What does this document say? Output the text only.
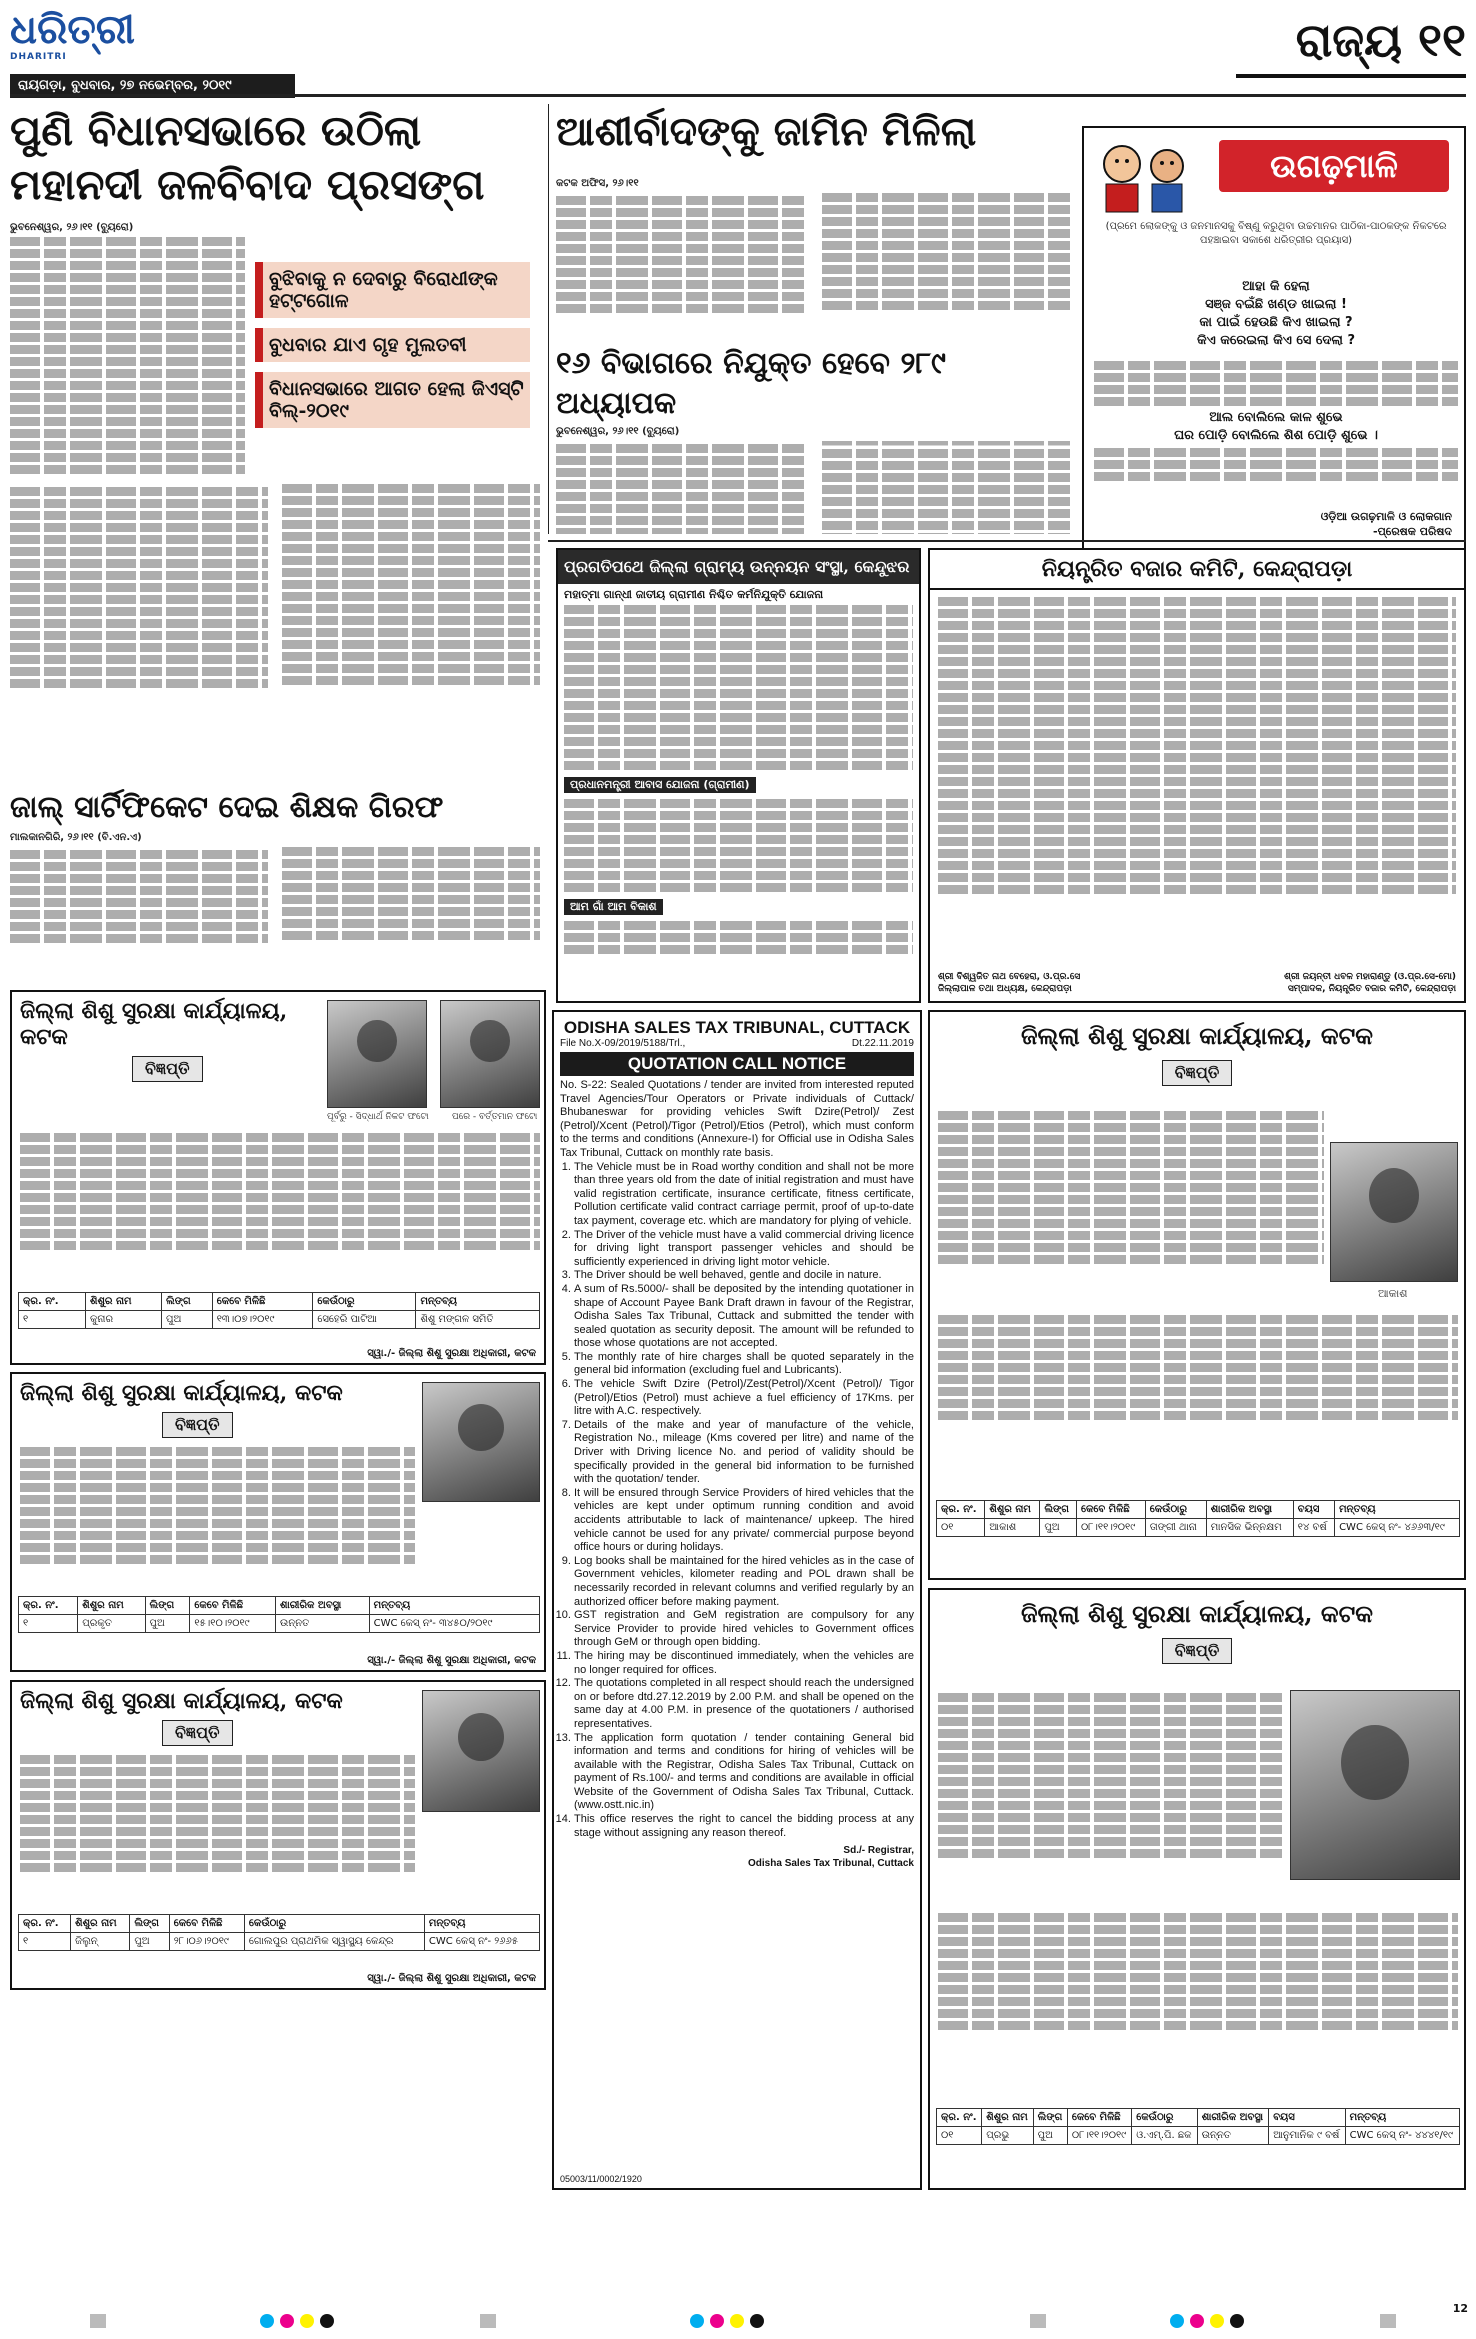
ଧରିତ୍ରୀ
DHARITRI
ରାୟଗଡ଼ା, ବୁଧବାର, ୨୭ ନଭେମ୍ବର, ୨୦୧୯
ରାଜ୍ୟ ୧୧
ପୁଣି ବିଧାନସଭାରେ ଉଠିଲା ମହାନଦୀ ଜଳବିବାଦ ପ୍ରସଙ୍ଗ
ଭୁବନେଶ୍ୱର, ୨୬।୧୧ (ବ୍ୟୁରୋ)
ବୁଝିବାକୁ ନ ଦେବାରୁ ବିରୋଧୀଙ୍କ ହଟ୍ଟଗୋଳ
ବୁଧବାର ଯାଏ ଗୃହ ମୁଲତବୀ
ବିଧାନସଭାରେ ଆଗତ ହେଲା ଜିଏସ୍‌ଟି ବିଲ୍‌-୨୦୧୯
ଆଶୀର୍ବାଦଙ୍କୁ ଜାମିନ ମିଳିଲା
କଟକ ଅଫିସ, ୨୬।୧୧
୧୬ ବିଭାଗରେ ନିଯୁକ୍ତ ହେବେ ୨୮୯ ଅଧ୍ୟାପକ
ଭୁବନେଶ୍ୱର, ୨୬।୧୧ (ବ୍ୟୁରୋ)
ଉଗଢ଼ମାଳି
(ପ୍ରମେ ଲୋକଙ୍କୁ ଓ ଜନମାନସକୁ ବିଷ୍ଣୁ କରୁଥିବା ଉଚ୍ଚମାନର ପାଠିକା-ପାଠକଙ୍କ ନିକଟରେ ପହଞ୍ଚାଇବା ସକାଶେ ଧରିତ୍ରୀର ପ୍ରୟାସ)
ଆହା କି ହେଲା
ସଞ୍ଜ ବଇଁଛି ଖଣ୍ଡ ଖାଇଲା !
କା ପାଇଁ ହେଉଛି କିଏ ଖାଇଲା ?
କିଏ କରେଇଲା କିଏ ସେ ଦେଲା ?
ଆଲ ବୋଲିଲେ କାଳ ଶୁଭେ
ଘର ପୋଡ଼ି ବୋଲିଲେ ଶିଶ ପୋଡ଼ି ଶୁଭେ ।
ଓଡ଼ିଆ ଉଗଢ଼ମାଳି ଓ ଲୋକଗାନ
-ପ୍ରେଷକ ପରିଷଦ
ଜାଲ୍‌ ସାର୍ଟିଫିକେଟ ଦେଇ ଶିକ୍ଷକ ଗିରଫ
ମାଲକାନଗିରି, ୨୬।୧୧ (ବି.ଏନ.ଏ)
ପ୍ରଗତିପଥେ ଜିଲ୍ଲା ଗ୍ରାମ୍ୟ ଉନ୍ନୟନ ସଂସ୍ଥା, କେନ୍ଦୁଝର
ମହାତ୍ମା ଗାନ୍ଧୀ ଜାତୀୟ ଗ୍ରାମୀଣ ନିଶ୍ଚିତ କର୍ମନିଯୁକ୍ତି ଯୋଜନା
ପ୍ରଧାନମନ୍ତ୍ରୀ ଆବାସ ଯୋଜନା (ଗ୍ରାମୀଣ)
ଆମ ଗାଁ ଆମ ବିକାଶ
ନିୟନ୍ତ୍ରିତ ବଜାର କମିଟି, କେନ୍ଦ୍ରାପଡ଼ା
ଶ୍ରୀ ବିଶ୍ୱଜିତ ନାଥ ବେହେରା, ଓ.ପ୍ର.ସେ
ଜିଲ୍ଲାପାଳ ତଥା ଅଧ୍ୟକ୍ଷ, କେନ୍ଦ୍ରାପଡ଼ା
ଶ୍ରୀ ଜୟନ୍ତୀ ଧବଳ ମହାରାଣ୍ଡୁ (ଓ.ପ୍ର.ସେ-ମୋ)
ସମ୍ପାଦକ, ନିୟନ୍ତ୍ରିତ ବଜାର କମିଟି, କେନ୍ଦ୍ରାପଡ଼ା
ଜିଲ୍ଲା ଶିଶୁ ସୁରକ୍ଷା କାର୍ଯ୍ୟାଳୟ, କଟକ
ବିଜ୍ଞପ୍ତି
ପୂର୍ବରୁ - ସିଦ୍ଧାର୍ଥ ନିକଟ ଫଟୋ	ପରେ - ବର୍ତ୍ତମାନ ଫଟୋ
କ୍ର. ନଂ.	ଶିଶୁର ନାମ	ଲିଙ୍ଗ	କେବେ ମିଳିଛି	କେଉଁଠାରୁ	ମନ୍ତବ୍ୟ
୧	କୁନାର	ପୁଅ	୧୩।୦୭।୨୦୧୯	ସେହେରି ପାଟିଆ	ଶିଶୁ ମଙ୍ଗଳ ସମିତି
ସ୍ୱା./- ଜିଲ୍ଲା ଶିଶୁ ସୁରକ୍ଷା ଅଧିକାରୀ, କଟକ
ଜିଲ୍ଲା ଶିଶୁ ସୁରକ୍ଷା କାର୍ଯ୍ୟାଳୟ, କଟକ
ବିଜ୍ଞପ୍ତି
କ୍ର. ନଂ.	ଶିଶୁର ନାମ	ଲିଙ୍ଗ	କେବେ ମିଳିଛି	ଶାରୀରିକ ଅବସ୍ଥା	ମନ୍ତବ୍ୟ
୧	ପ୍ରକୃତ	ପୁଅ	୧୫।୧୦।୨୦୧୯	ଉନ୍ନତ	CWC କେସ୍ ନଂ- ୩୪୫୦/୨୦୧୯
ସ୍ୱା./- ଜିଲ୍ଲା ଶିଶୁ ସୁରକ୍ଷା ଅଧିକାରୀ, କଟକ
ଜିଲ୍ଲା ଶିଶୁ ସୁରକ୍ଷା କାର୍ଯ୍ୟାଳୟ, କଟକ
ବିଜ୍ଞପ୍ତି
କ୍ର. ନଂ.	ଶିଶୁର ନାମ	ଲିଙ୍ଗ	କେବେ ମିଳିଛି	କେଉଁଠାରୁ	ମନ୍ତବ୍ୟ
୧	ଜିଲୁନ୍	ପୁଅ	୨୮।୦୬।୨୦୧୯	ଗୋଲପୁର ପ୍ରାଥମିକ ସ୍ୱାସ୍ଥ୍ୟ କେନ୍ଦ୍ର	CWC କେସ୍ ନଂ- ୨୬୬୫
ସ୍ୱା./- ଜିଲ୍ଲା ଶିଶୁ ସୁରକ୍ଷା ଅଧିକାରୀ, କଟକ
ODISHA SALES TAX TRIBUNAL, CUTTACK
File No.X-09/2019/5188/Trl.,	Dt.22.11.2019
QUOTATION CALL NOTICE

No. S-22: Sealed Quotations / tender are invited from interested reputed Travel Agencies/Tour Operators or Private individuals of Cuttack/ Bhubaneswar for providing vehicles Swift Dzire(Petrol)/ Zest (Petrol)/Xcent (Petrol)/Tigor (Petrol)/Etios (Petrol), which must conform to the terms and conditions (Annexure-I) for Official use in Odisha Sales Tax Tribunal, Cuttack on monthly rate basis.

1. The Vehicle must be in Road worthy condition and shall not be more than three years old from the date of initial registration and must have valid registration certificate, insurance certificate, fitness certificate, Pollution certificate valid contract carriage permit, proof of up-to-date tax payment, coverage etc. which are mandatory for plying of vehicle.
2. The Driver of the vehicle must have a valid commercial driving licence for driving light transport passenger vehicles and should be sufficiently experienced in driving light motor vehicle.
3. The Driver should be well behaved, gentle and docile in nature.
4. A sum of Rs.5000/- shall be deposited by the intending quotationer in shape of Account Payee Bank Draft drawn in favour of the Registrar, Odisha Sales Tax Tribunal, Cuttack and submitted the tender with sealed quotation as security deposit. The amount will be refunded to those whose quotations are not accepted.
5. The monthly rate of hire charges shall be quoted separately in the general bid information (excluding fuel and Lubricants).
6. The vehicle Swift Dzire (Petrol)/Zest(Petrol)/Xcent (Petrol)/ Tigor (Petrol)/Etios (Petrol) must achieve a fuel efficiency of 17Kms. per litre with A.C. respectively.
7. Details of the make and year of manufacture of the vehicle, Registration No., mileage (Kms covered per litre) and name of the Driver with Driving licence No. and period of validity should be specifically provided in the general bid information to be furnished with the quotation/ tender.
8. It will be ensured through Service Providers of hired vehicles that the vehicles are kept under optimum running condition and avoid accidents attributable to lack of maintenance/ upkeep. The hired vehicle cannot be used for any private/ commercial purpose beyond office hours or during holidays.
9. Log books shall be maintained for the hired vehicles as in the case of Government vehicles, kilometer reading and POL drawn shall be necessarily recorded in relevant columns and verified regularly by an authorized officer before making payment.
10. GST registration and GeM registration are compulsory for any Service Provider to provide hired vehicles to Government offices through GeM or through open bidding.
11. The hiring may be discontinued immediately, when the vehicles are no longer required for offices.
12. The quotations completed in all respect should reach the undersigned on or before dtd.27.12.2019 by 2.00 P.M. and shall be opened on the same day at 4.00 P.M. in presence of the quotationers / authorised representatives.
13. The application form quotation / tender containing General bid information and terms and conditions for hiring of vehicles will be available with the Registrar, Odisha Sales Tax Tribunal, Cuttack on payment of Rs.100/- and terms and conditions are available in official Website of the Government of Odisha Sales Tax Tribunal, Cuttack. (www.ostt.nic.in)
14. This office reserves the right to cancel the bidding process at any stage without assigning any reason thereof.
Sd./- Registrar,
Odisha Sales Tax Tribunal, Cuttack
05003/11/0002/1920
ଜିଲ୍ଲା ଶିଶୁ ସୁରକ୍ଷା କାର୍ଯ୍ୟାଳୟ, କଟକ
ବିଜ୍ଞପ୍ତି
ଆକାଶ
କ୍ର. ନଂ.	ଶିଶୁର ନାମ	ଲିଙ୍ଗ	କେବେ ମିଳିଛି	କେଉଁଠାରୁ	ଶାରୀରିକ ଅବସ୍ଥା	ବୟସ	ମନ୍ତବ୍ୟ
୦୧	ଆକାଶ	ପୁଅ	୦୮।୧୧।୨୦୧୯	ତାଙ୍ଗୀ ଥାନା	ମାନସିକ ଭିନ୍ନକ୍ଷମ	୧୪ ବର୍ଷ	CWC କେସ୍ ନଂ- ୪୬୬୩/୧୯
ଜିଲ୍ଲା ଶିଶୁ ସୁରକ୍ଷା କାର୍ଯ୍ୟାଳୟ, କଟକ
ବିଜ୍ଞପ୍ତି
କ୍ର. ନଂ.	ଶିଶୁର ନାମ	ଲିଙ୍ଗ	କେବେ ମିଳିଛି	କେଉଁଠାରୁ	ଶାରୀରିକ ଅବସ୍ଥା	ବୟସ	ମନ୍ତବ୍ୟ
୦୧	ପ୍ରଭୁ	ପୁଅ	୦୮।୧୧।୨୦୧୯	ଓ.ଏମ୍.ପି. ଛକ	ଉନ୍ନତ	ଆନୁମାନିକ ୯ ବର୍ଷ	CWC କେସ୍ ନଂ- ୪୪୪୧/୧୯
12
